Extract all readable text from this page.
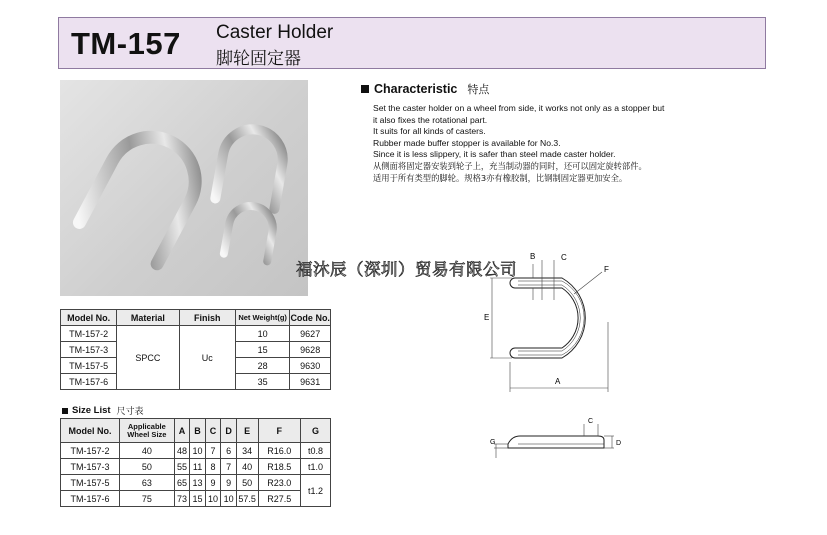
TM-157 Caster Holder
脚轮固定器
Characteristic 特点
Set the caster holder on a wheel from side, it works not only as a stopper but
it also fixes the rotational part.
It suits for all kinds of casters.
Rubber made buffer stopper is available for No.3.
Since it is less slippery, it is safer than steel made caster holder.
从侧面将固定器安装到轮子上，充当制动器的同时，还可以固定旋转部件。
适用于所有类型的脚轮。规格3亦有橡胶制，比钢制固定器更加安全。
福沐辰（深圳）贸易有限公司
E
A
B	C
F
G
C
D
Model No.	Material	Finish	Net Weight(g)	Code No.
TM-157-2	SPCC	Uc	10	9627
TM-157-3			15	9628
TM-157-5			28	9630
TM-157-6			35	9631
Size List 尺寸表
Model No.	Applicable Wheel Size	A	B	C	D	E	F	G
TM-157-2	40	48	10	7	6	34	R16.0	t0.8
TM-157-3	50	55	11	8	7	40	R18.5	t1.0
TM-157-5	63	65	13	9	9	50	R23.0	t1.2
TM-157-6	75	73	15	10	10	57.5	R27.5	
